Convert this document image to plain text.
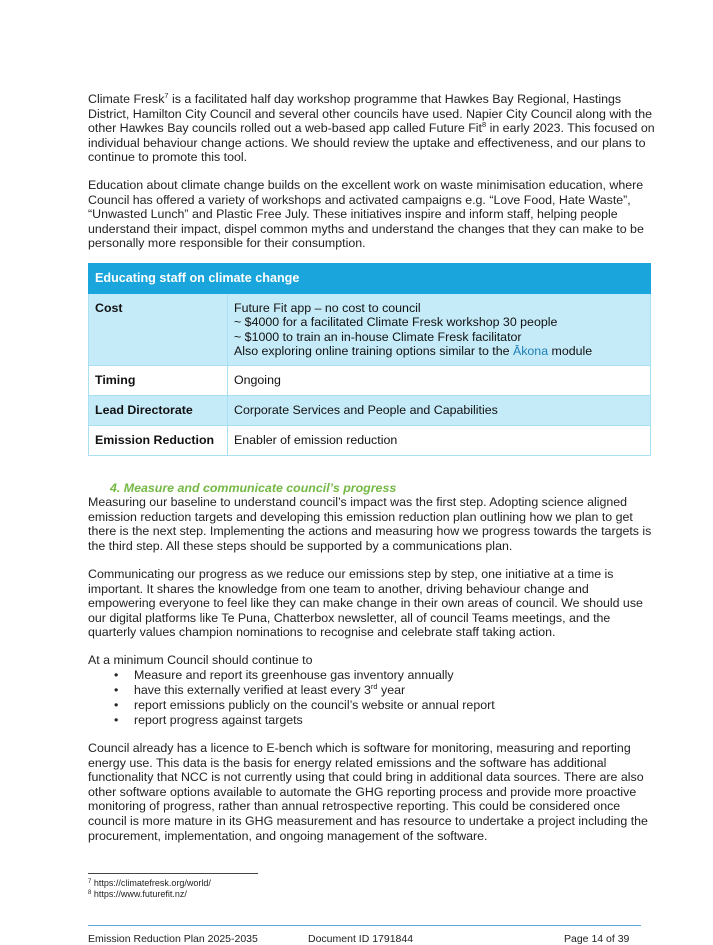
Climate Fresk$^7$ is a facilitated half day workshop programme that Hawkes Bay Regional, Hastings District, Hamilton City Council and several other councils have used. Napier City Council along with the other Hawkes Bay councils rolled out a web-based app called Future Fit$^8$ in early 2023. This focused on individual behaviour change actions. We should review the uptake and effectiveness, and our plans to continue to promote this tool.

Education about climate change builds on the excellent work on waste minimisation education, where Council has offered a variety of workshops and activated campaigns e.g. “Love Food, Hate Waste”, “Unwasted Lunch” and Plastic Free July. These initiatives inspire and inform staff, helping people understand their impact, dispel common myths and understand the changes that they can make to be personally more responsible for their consumption.

Educating staff on climate change	
Cost	Future Fit app – no cost to council
~ $4000 for a facilitated Climate Fresk workshop 30 people
~ $1000 to train an in-house Climate Fresk facilitator
Also exploring online training options similar to the Ākona module

Timing	Ongoing
Lead Directorate	Corporate Services and People and Capabilities
Emission Reduction	Enabler of emission reduction
4. Measure and communicate council’s progress

Measuring our baseline to understand council’s impact was the first step. Adopting science aligned emission reduction targets and developing this emission reduction plan outlining how we plan to get there is the next step. Implementing the actions and measuring how we progress towards the targets is the third step. All these steps should be supported by a communications plan.

Communicating our progress as we reduce our emissions step by step, one initiative at a time is important. It shares the knowledge from one team to another, driving behaviour change and empowering everyone to feel like they can make change in their own areas of council. We should use our digital platforms like Te Puna, Chatterbox newsletter, all of council Teams meetings, and the quarterly values champion nominations to recognise and celebrate staff taking action.

At a minimum Council should continue to

• Measure and report its greenhouse gas inventory annually
• have this externally verified at least every 3rd year
• report emissions publicly on the council’s website or annual report
• report progress against targets

Council already has a licence to E-bench which is software for monitoring, measuring and reporting energy use. This data is the basis for energy related emissions and the software has additional functionality that NCC is not currently using that could bring in additional data sources. There are also other software options available to automate the GHG reporting process and provide more proactive monitoring of progress, rather than annual retrospective reporting. This could be considered once council is more mature in its GHG measurement and has resource to undertake a project including the procurement, implementation, and ongoing management of the software.

$^7$ https://climatefresk.org/world/
$^8$ https://www.futurefit.nz/
Emission Reduction Plan 2025-2035	Document ID 1791844	Page 14 of 39
